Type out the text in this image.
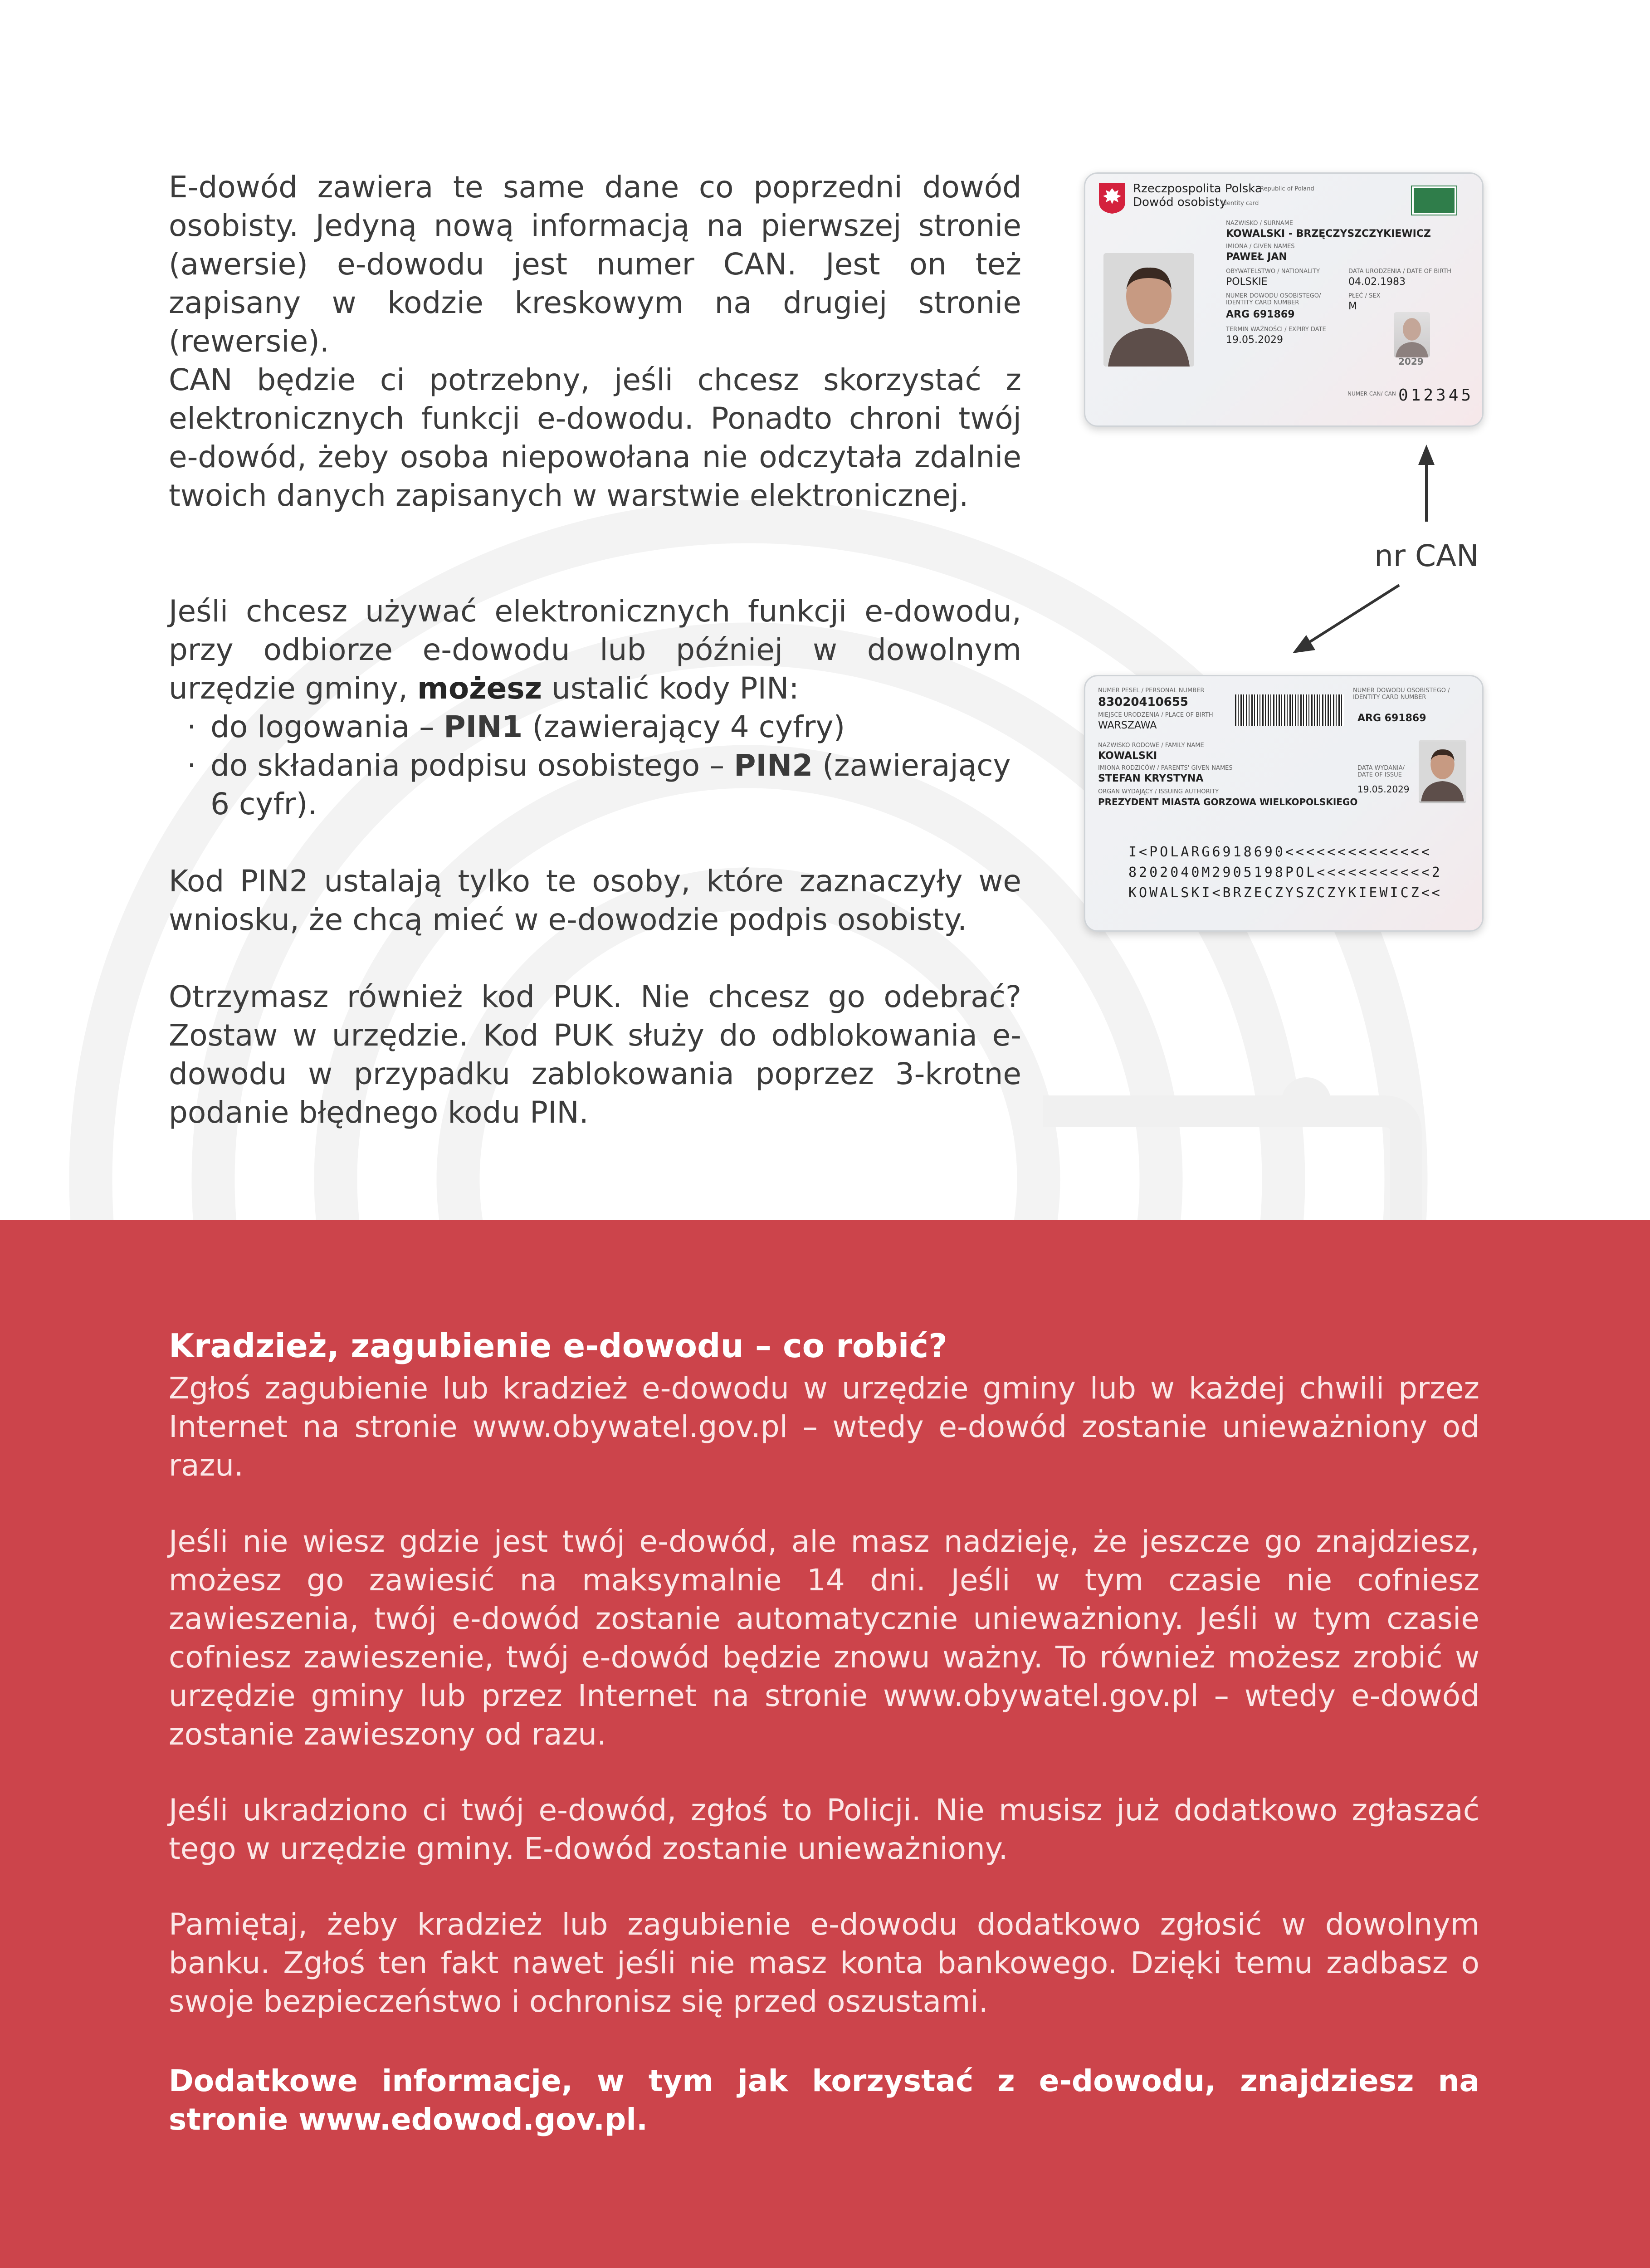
E-dowód zawiera te same dane co poprzedni dowód osobisty. Jedyną nową informacją na pierwszej stronie (awersie) e-dowodu jest numer CAN. Jest on też zapisany w kodzie kreskowym na drugiej stronie (rewersie).
CAN będzie ci potrzebny, jeśli chcesz skorzystać z elektronicznych funkcji e-dowodu. Ponadto chroni twój e-dowód, żeby osoba niepowołana nie odczytała zdalnie twoich danych zapisanych w warstwie elektronicznej.
Jeśli chcesz używać elektronicznych funkcji e-dowodu, przy odbiorze e-dowodu lub później w dowolnym urzędzie gminy, możesz ustalić kody PIN:
· do logowania – PIN1 (zawierający 4 cyfry)
· do składania podpisu osobistego – PIN2 (zawierający 6 cyfr).
Kod PIN2 ustalają tylko te osoby, które zaznaczyły we wniosku, że chcą mieć w e-dowodzie podpis osobisty.
Otrzymasz również kod PUK. Nie chcesz go odebrać? Zostaw w urzędzie. Kod PUK służy do odblokowania e-dowodu w przypadku zablokowania poprzez 3-krotne podanie błędnego kodu PIN.
Rzeczpospolita Polska
Republic of Poland
Dowód osobisty
Identity card
NAZWISKO / SURNAME
KOWALSKI - BRZĘCZYSZCZYKIEWICZ
IMIONA / GIVEN NAMES
PAWEŁ JAN
OBYWATELSTWO / NATIONALITY
POLSKIE
DATA URODZENIA / DATE OF BIRTH
04.02.1983
NUMER DOWODU OSOBISTEGO/ IDENTITY CARD NUMBER
ARG 691869
PŁEĆ / SEX
M
TERMIN WAŻNOŚCI / EXPIRY DATE
19.05.2029
2029
NUMER CAN/ CAN 012345
nr CAN
NUMER PESEL / PERSONAL NUMBER
83020410655
MIEJSCE URODZENIA / PLACE OF BIRTH
WARSZAWA
NUMER DOWODU OSOBISTEGO / IDENTITY CARD NUMBER
ARG 691869
NAZWISKO RODOWE / FAMILY NAME
KOWALSKI
IMIONA RODZICÓW / PARENTS' GIVEN NAMES
STEFAN KRYSTYNA
DATA WYDANIA/ DATE OF ISSUE
19.05.2029
ORGAN WYDAJĄCY / ISSUING AUTHORITY
PREZYDENT MIASTA GORZOWA WIELKOPOLSKIEGO
I<POLARG6918690<<<<<<<<<<<<<<
8202040M2905198POL<<<<<<<<<<<2
KOWALSKI<BRZECZYSZCZYKIEWICZ<<
Kradzież, zagubienie e-dowodu – co robić?
Zgłoś zagubienie lub kradzież e-dowodu w urzędzie gminy lub w każdej chwili przez Internet na stronie www.obywatel.gov.pl – wtedy e-dowód zostanie unieważniony od razu.
Jeśli nie wiesz gdzie jest twój e-dowód, ale masz nadzieję, że jeszcze go znajdziesz, możesz go zawiesić na maksymalnie 14 dni. Jeśli w tym czasie nie cofniesz zawieszenia, twój e-dowód zostanie automatycznie unieważniony. Jeśli w tym czasie cofniesz zawieszenie, twój e-dowód będzie znowu ważny. To również możesz zrobić w urzędzie gminy lub przez Internet na stronie www.obywatel.gov.pl – wtedy e-dowód zostanie zawieszony od razu.
Jeśli ukradziono ci twój e-dowód, zgłoś to Policji. Nie musisz już dodatkowo zgłaszać tego w urzędzie gminy. E-dowód zostanie unieważniony.
Pamiętaj, żeby kradzież lub zagubienie e-dowodu dodatkowo zgłosić w dowolnym banku. Zgłoś ten fakt nawet jeśli nie masz konta bankowego. Dzięki temu zadbasz o swoje bezpieczeństwo i ochronisz się przed oszustami.
Dodatkowe informacje, w tym jak korzystać z e-dowodu, znajdziesz na stronie www.edowod.gov.pl.
